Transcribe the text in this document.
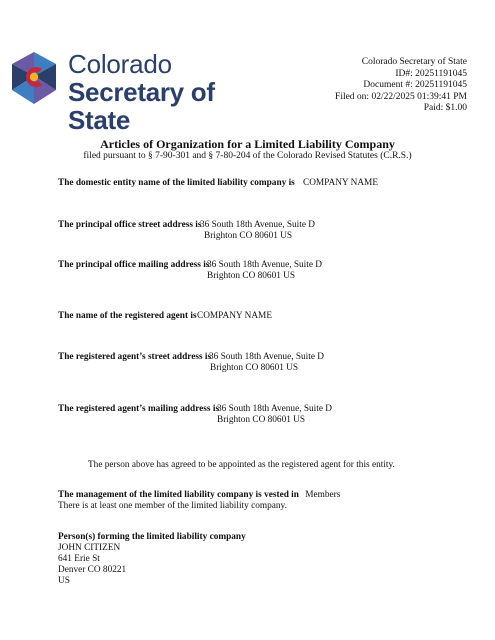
Colorado
Secretary of State
Colorado Secretary of State
ID#: 20251191045
Document #: 20251191045
Filed on: 02/22/2025 01:39:41 PM
Paid: $1.00
Articles of Organization for a Limited Liability Company
filed pursuant to § 7-90-301 and § 7-80-204 of the Colorado Revised Statutes (C.R.S.)
The domestic entity name of the limited liability company is COMPANY NAME
The principal office street address is
36 South 18th Avenue, Suite D
Brighton CO 80601 US
The principal office mailing address is
36 South 18th Avenue, Suite D
Brighton CO 80601 US
The name of the registered agent is COMPANY NAME
The registered agent’s street address is
36 South 18th Avenue, Suite D
Brighton CO 80601 US
The registered agent’s mailing address is
36 South 18th Avenue, Suite D
Brighton CO 80601 US
The person above has agreed to be appointed as the registered agent for this entity.
The management of the limited liability company is vested in Members
There is at least one member of the limited liability company.
Person(s) forming the limited liability company
JOHN CITIZEN
641 Erie St
Denver CO 80221
US
